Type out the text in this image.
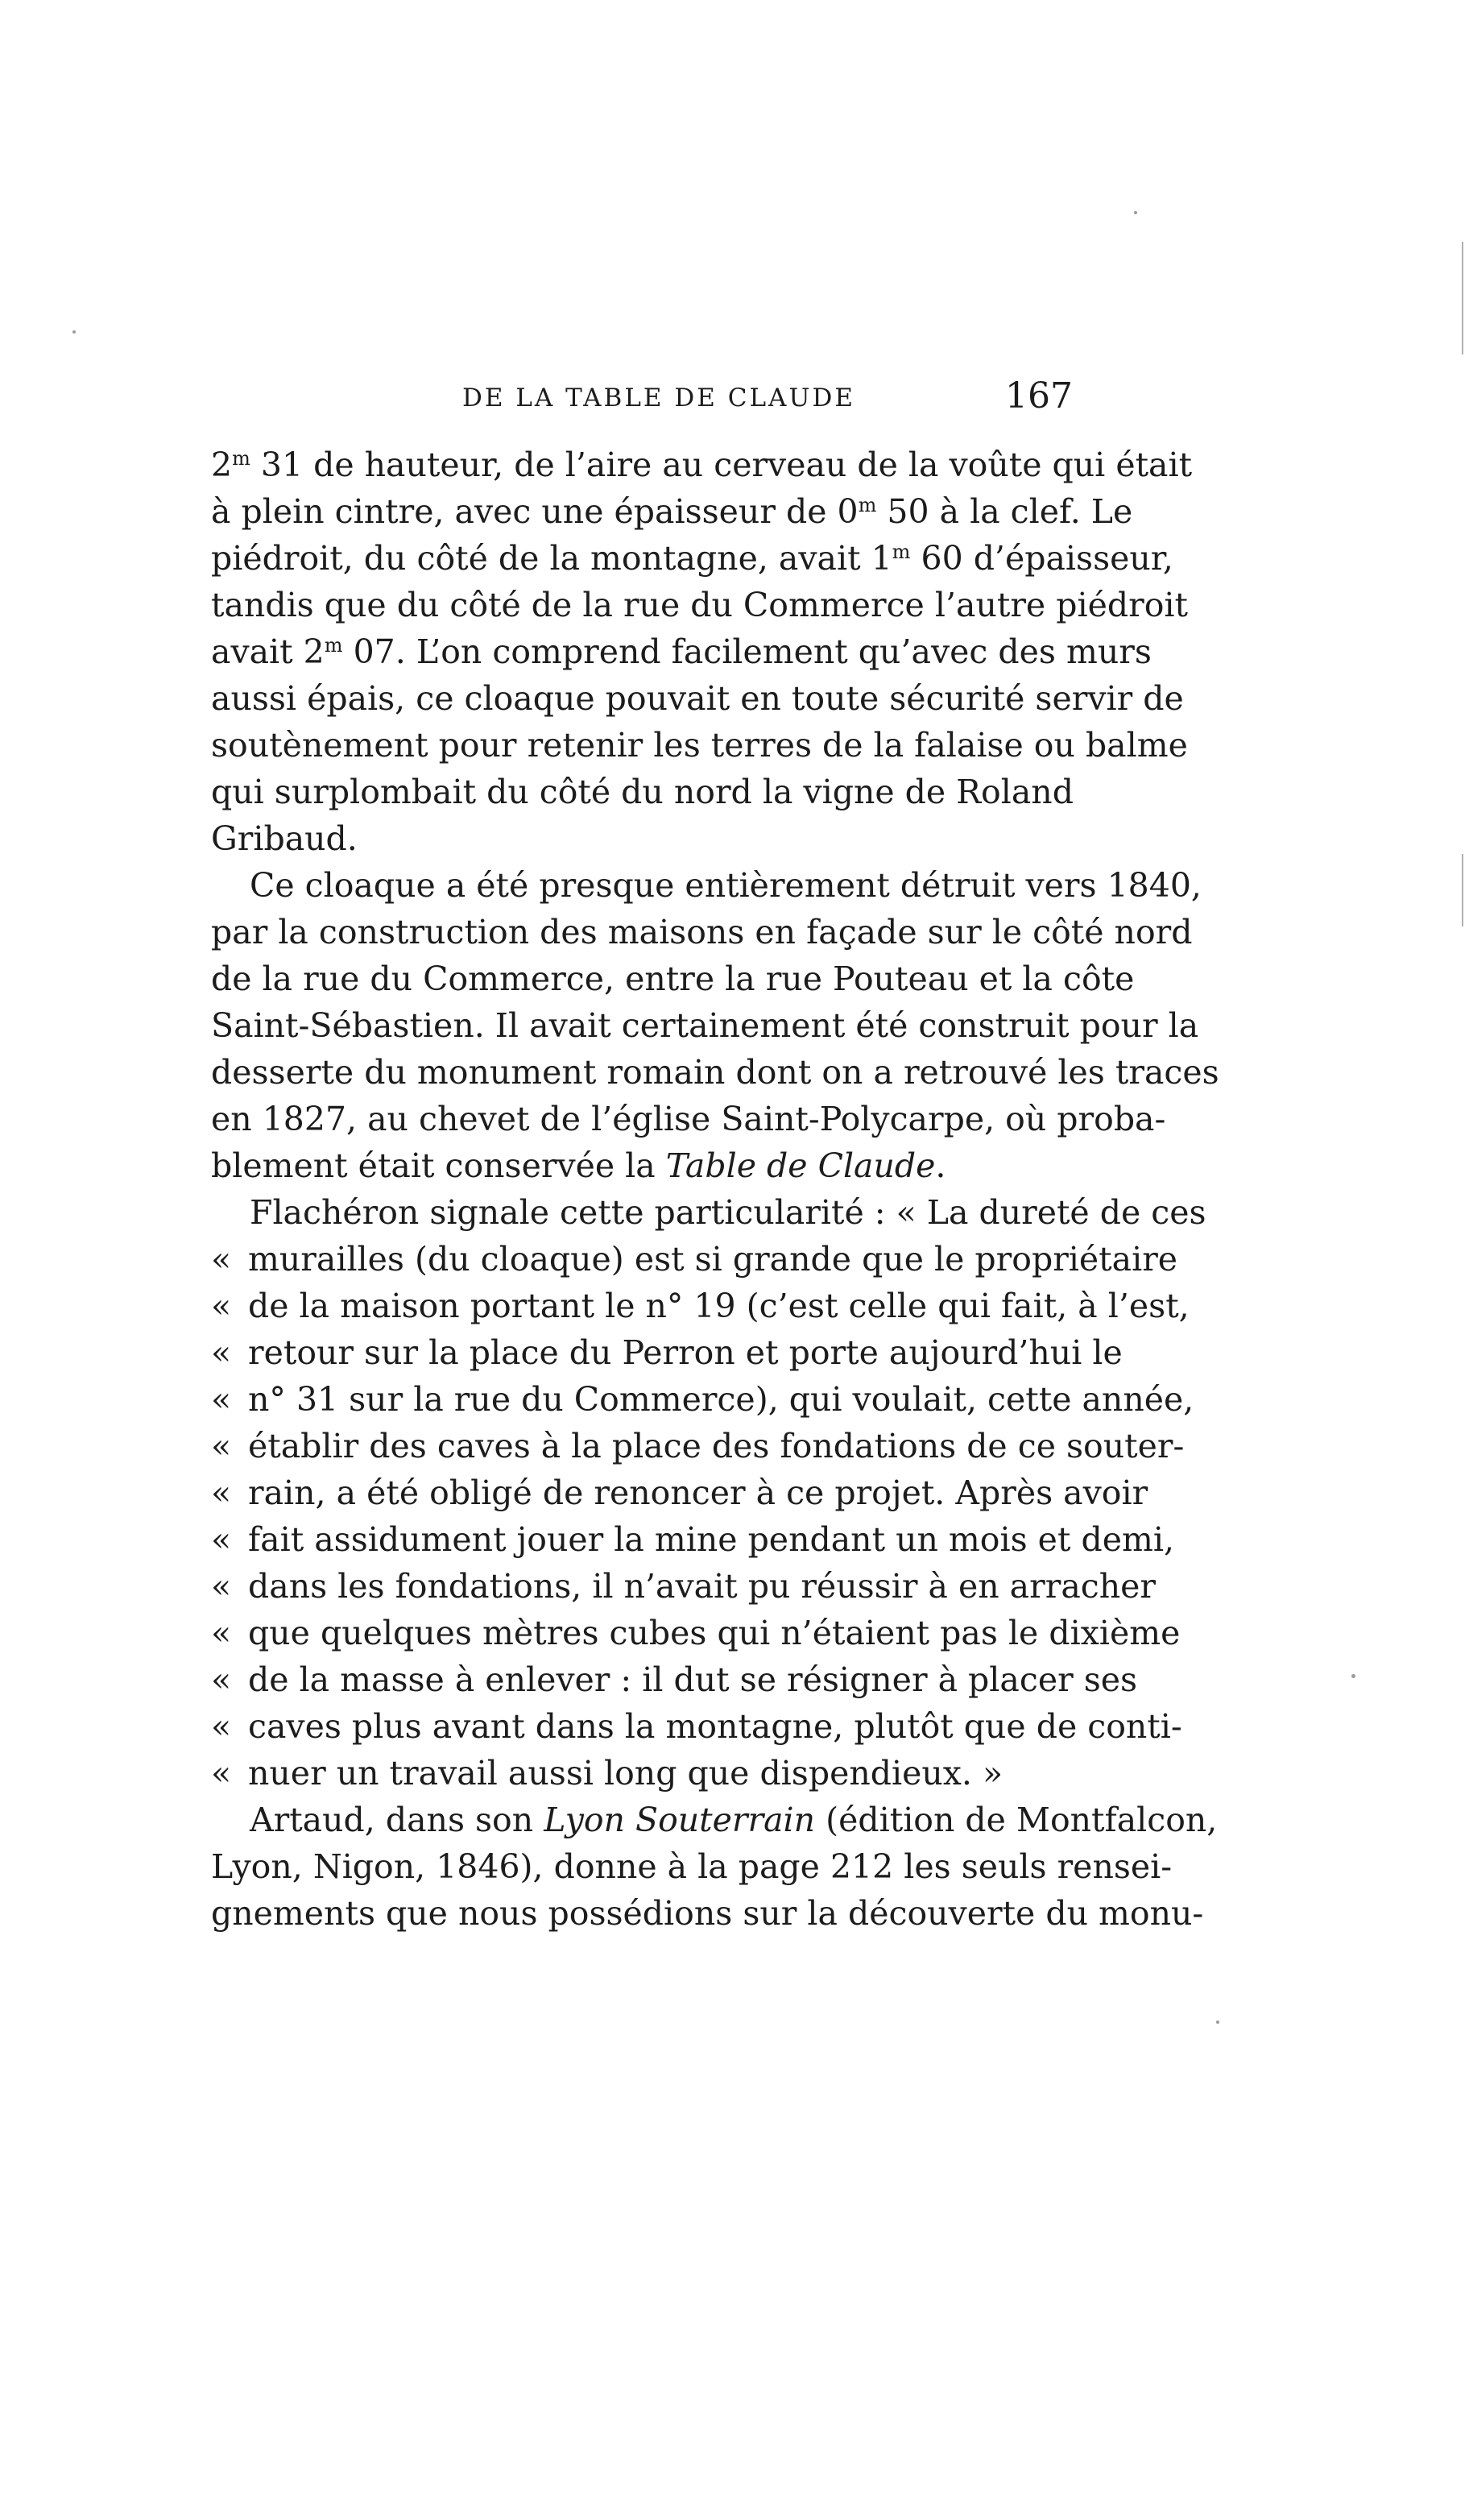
DE LA TABLE DE CLAUDE	167
2$^m$ 31 de hauteur, de l’aire au cerveau de la voûte qui était
à plein cintre, avec une épaisseur de 0$^m$ 50 à la clef. Le
piédroit, du côté de la montagne, avait 1$^m$ 60 d’épaisseur,
tandis que du côté de la rue du Commerce l’autre piédroit
avait 2$^m$ 07. L’on comprend facilement qu’avec des murs
aussi épais, ce cloaque pouvait en toute sécurité servir de
soutènement pour retenir les terres de la falaise ou balme
qui surplombait du côté du nord la vigne de Roland
Gribaud.
Ce cloaque a été presque entièrement détruit vers 1840,
par la construction des maisons en façade sur le côté nord
de la rue du Commerce, entre la rue Pouteau et la côte
Saint-Sébastien. Il avait certainement été construit pour la
desserte du monument romain dont on a retrouvé les traces
en 1827, au chevet de l’église Saint-Polycarpe, où proba-
blement était conservée la Table de Claude.
Flachéron signale cette particularité : « La dureté de ces
« murailles (du cloaque) est si grande que le propriétaire
« de la maison portant le n° 19 (c’est celle qui fait, à l’est,
« retour sur la place du Perron et porte aujourd’hui le
« n° 31 sur la rue du Commerce), qui voulait, cette année,
« établir des caves à la place des fondations de ce souter-
« rain, a été obligé de renoncer à ce projet. Après avoir
« fait assidument jouer la mine pendant un mois et demi,
« dans les fondations, il n’avait pu réussir à en arracher
« que quelques mètres cubes qui n’étaient pas le dixième
« de la masse à enlever : il dut se résigner à placer ses
« caves plus avant dans la montagne, plutôt que de conti-
« nuer un travail aussi long que dispendieux. »
Artaud, dans son Lyon Souterrain (édition de Montfalcon,
Lyon, Nigon, 1846), donne à la page 212 les seuls rensei-
gnements que nous possédions sur la découverte du monu-
